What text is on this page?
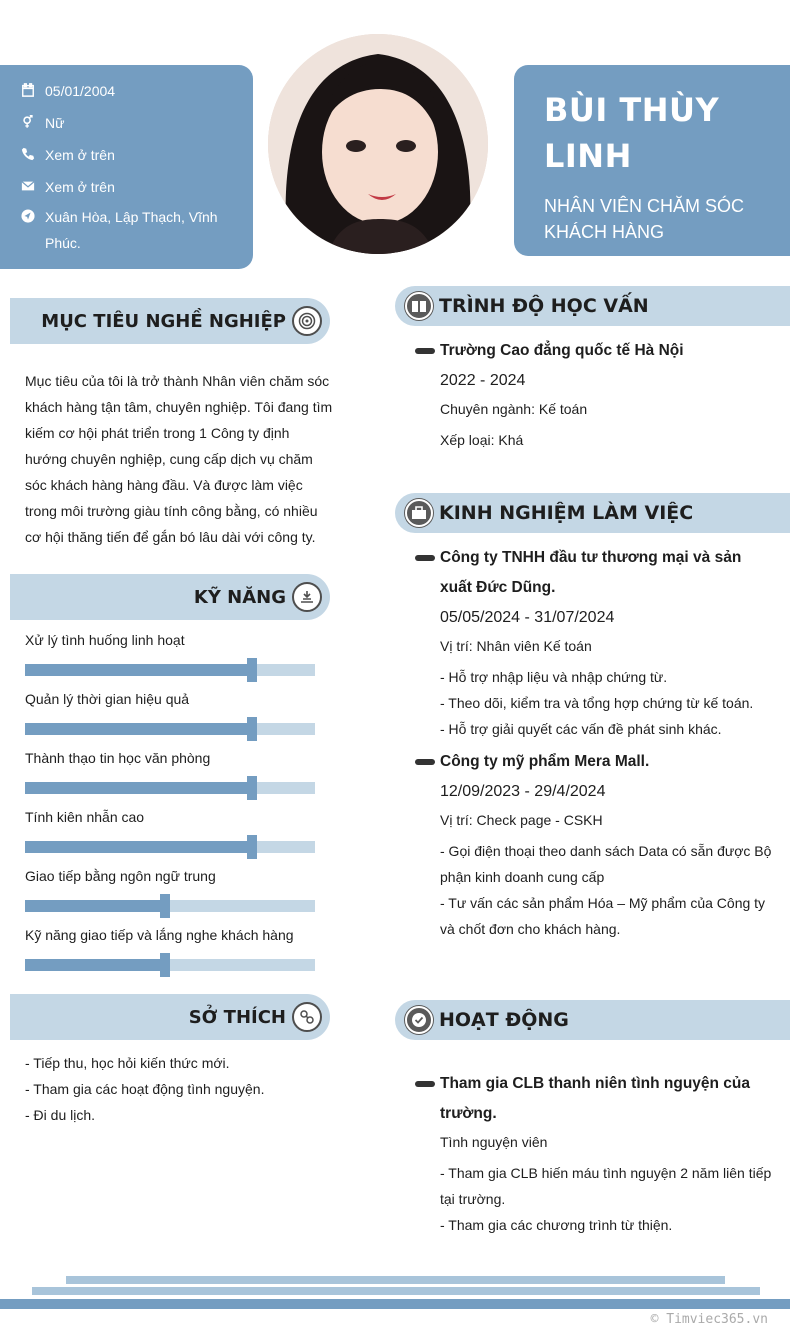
05/01/2004
Nữ
Xem ở trên
Xem ở trên
Xuân Hòa, Lập Thạch, Vĩnh Phúc.
BÙI THÙY LINH
NHÂN VIÊN CHĂM SÓC KHÁCH HÀNG
MỤC TIÊU NGHỀ NGHIỆP
Mục tiêu của tôi là trở thành Nhân viên chăm sóc khách hàng tận tâm, chuyên nghiệp. Tôi đang tìm kiếm cơ hội phát triển trong 1 Công ty định hướng chuyên nghiệp, cung cấp dịch vụ chăm sóc khách hàng hàng đầu. Và được làm việc trong môi trường giàu tính công bằng, có nhiều cơ hội thăng tiến để gắn bó lâu dài với công ty.
KỸ NĂNG
Xử lý tình huống linh hoạt
Quản lý thời gian hiệu quả
Thành thạo tin học văn phòng
Tính kiên nhẫn cao
Giao tiếp bằng ngôn ngữ trung
Kỹ năng giao tiếp và lắng nghe khách hàng
SỞ THÍCH
- Tiếp thu, học hỏi kiến thức mới.
- Tham gia các hoạt động tình nguyện.
- Đi du lịch.
TRÌNH ĐỘ HỌC VẤN
Trường Cao đẳng quốc tế Hà Nội
2022 - 2024
Chuyên ngành: Kế toán
Xếp loại: Khá
KINH NGHIỆM LÀM VIỆC
Công ty TNHH đầu tư thương mại và sản xuất Đức Dũng.
05/05/2024 - 31/07/2024
Vị trí: Nhân viên Kế toán
- Hỗ trợ nhập liệu và nhập chứng từ.
- Theo dõi, kiểm tra và tổng hợp chứng từ kế toán.
- Hỗ trợ giải quyết các vấn đề phát sinh khác.
Công ty mỹ phẩm Mera Mall.
12/09/2023 - 29/4/2024
Vị trí: Check page - CSKH
- Gọi điện thoại theo danh sách Data có sẵn được Bộ phận kinh doanh cung cấp
- Tư vấn các sản phẩm Hóa – Mỹ phẩm của Công ty và chốt đơn cho khách hàng.
HOẠT ĐỘNG
Tham gia CLB thanh niên tình nguyện của trường.
Tình nguyện viên
- Tham gia CLB hiến máu tình nguyện 2 năm liên tiếp tại trường.
- Tham gia các chương trình từ thiện.
© Timviec365.vn
